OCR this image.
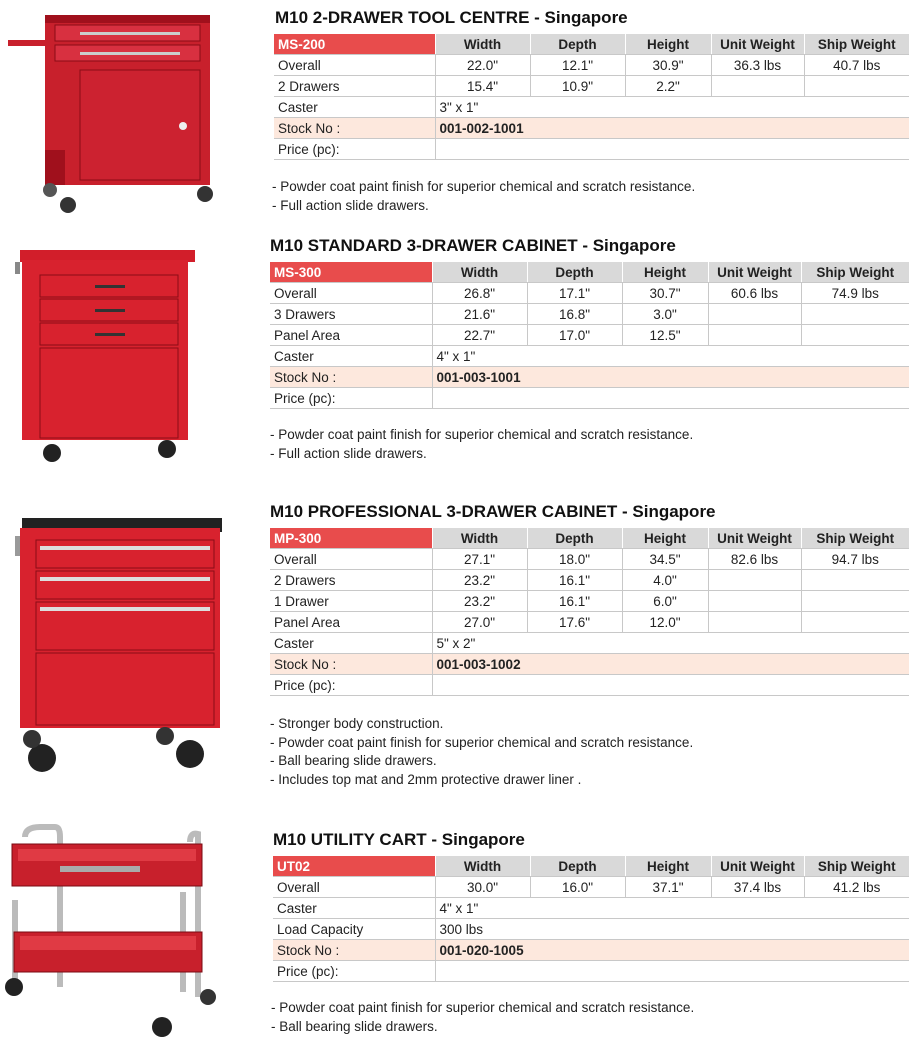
M10 2-DRAWER TOOL CENTRE - Singapore
MS-200	Width	Depth	Height	Unit Weight	Ship Weight
Overall	22.0"	12.1"	30.9"	36.3 lbs	40.7 lbs
2 Drawers	15.4"	10.9"	2.2"		
Caster	3" x 1"				
Stock No :	001-002-1001				
Price (pc):					
- Powder coat paint finish for superior chemical and scratch resistance.
- Full action slide drawers.
M10 STANDARD 3-DRAWER CABINET - Singapore
MS-300	Width	Depth	Height	Unit Weight	Ship Weight
Overall	26.8"	17.1"	30.7"	60.6 lbs	74.9 lbs
3 Drawers	21.6"	16.8"	3.0"		
Panel Area	22.7"	17.0"	12.5"		
Caster	4" x 1"				
Stock No :	001-003-1001				
Price (pc):					
- Powder coat paint finish for superior chemical and scratch resistance.
- Full action slide drawers.
M10 PROFESSIONAL 3-DRAWER CABINET - Singapore
MP-300	Width	Depth	Height	Unit Weight	Ship Weight
Overall	27.1"	18.0"	34.5"	82.6 lbs	94.7 lbs
2 Drawers	23.2"	16.1"	4.0"		
1 Drawer	23.2"	16.1"	6.0"		
Panel Area	27.0"	17.6"	12.0"		
Caster	5" x 2"				
Stock No :	001-003-1002				
Price (pc):					
- Stronger body construction.
- Powder coat paint finish for superior chemical and scratch resistance.
- Ball bearing slide drawers.
- Includes top mat and 2mm protective drawer liner .
M10 UTILITY CART - Singapore
UT02	Width	Depth	Height	Unit Weight	Ship Weight
Overall	30.0"	16.0"	37.1"	37.4 lbs	41.2 lbs
Caster	4" x 1"				
Load Capacity	300 lbs				
Stock No :	001-020-1005				
Price (pc):					
- Powder coat paint finish for superior chemical and scratch resistance.
- Ball bearing slide drawers.
